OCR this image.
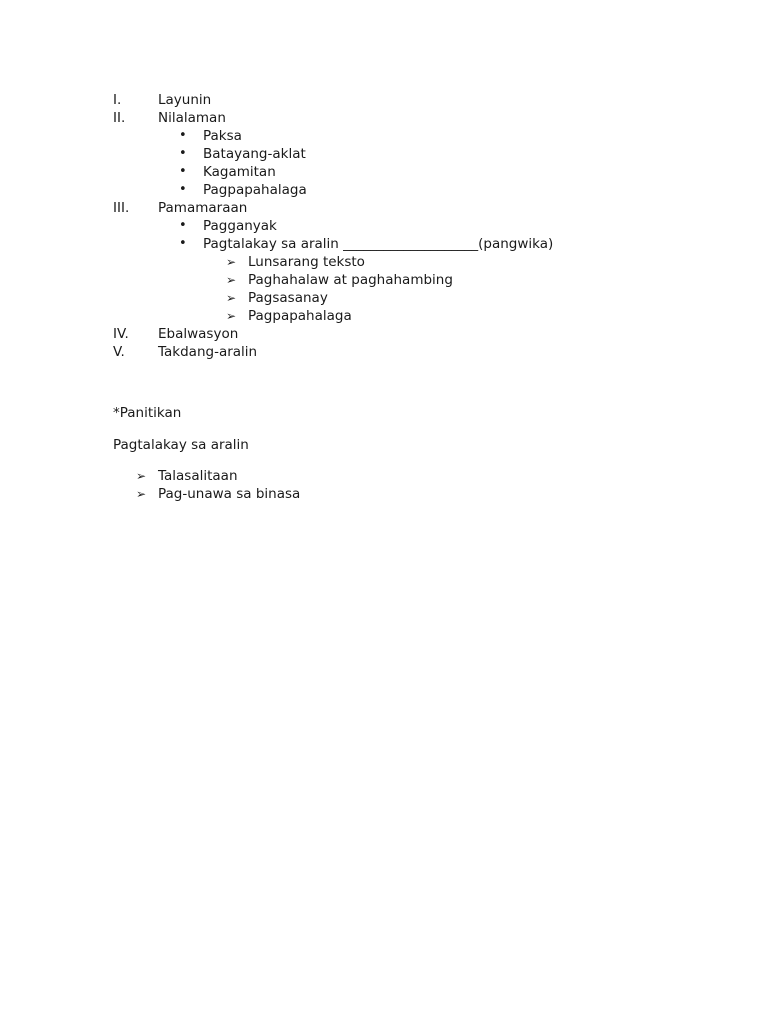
I.	Layunin
II. Nilalaman
• Paksa
• Batayang-aklat
• Kagamitan
• Pagpapahalaga
III. Pamamaraan
• Pagganyak
• Pagtalakay sa aralin ____________________(pangwika)
➢ Lunsarang teksto
➢ Paghahalaw at paghahambing
➢ Pagsasanay
➢ Pagpapahalaga
IV. Ebalwasyon
V. Takdang-aralin
*Panitikan
Pagtalakay sa aralin
➢ Talasalitaan
➢ Pag-unawa sa binasa
